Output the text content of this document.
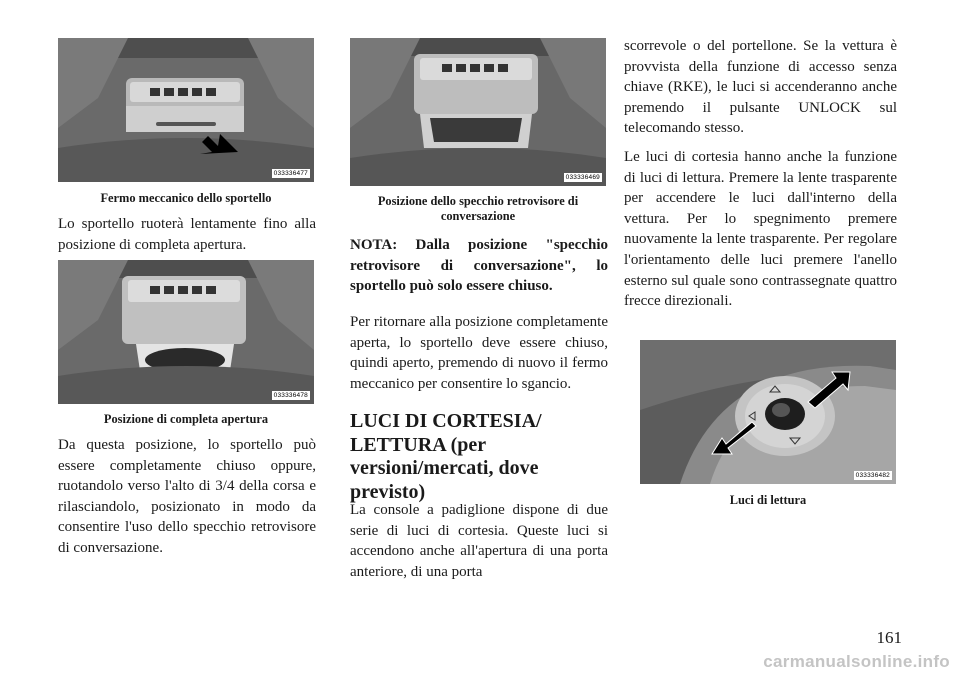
033336477
Fermo meccanico dello sportello

Lo sportello ruoterà lentamente fino alla posizione di completa apertura.

033336478
Posizione di completa apertura

Da questa posizione, lo sportello può essere completamente chiuso oppure, ruotandolo verso l'alto di 3/4 della corsa e rilasciandolo, posizionato in modo da consentire l'uso dello specchio retrovisore di conversazione.

033336469
Posizione dello specchio retrovisore di conversazione
NOTA: Dalla posizione "specchio retrovisore di conversazione", lo sportello può solo essere chiuso.

Per ritornare alla posizione completamente aperta, lo sportello deve essere chiuso, quindi aperto, premendo di nuovo il fermo meccanico per consentire lo sgancio.

LUCI DI CORTESIA/ LETTURA (per versioni/mercati, dove previsto)

La console a padiglione dispone di due serie di luci di cortesia. Queste luci si accendono anche all'apertura di una porta anteriore, di una porta

scorrevole o del portellone. Se la vettura è provvista della funzione di accesso senza chiave (RKE), le luci si accenderanno anche premendo il pulsante UNLOCK sul telecomando stesso.

Le luci di cortesia hanno anche la funzione di luci di lettura. Premere la lente trasparente per accendere le luci dall'interno della vettura. Per lo spegnimento premere nuovamente la lente trasparente. Per regolare l'orientamento delle luci premere l'anello esterno sul quale sono contrassegnate quattro frecce direzionali.

033336482
Luci di lettura
161
carmanualsonline.info
